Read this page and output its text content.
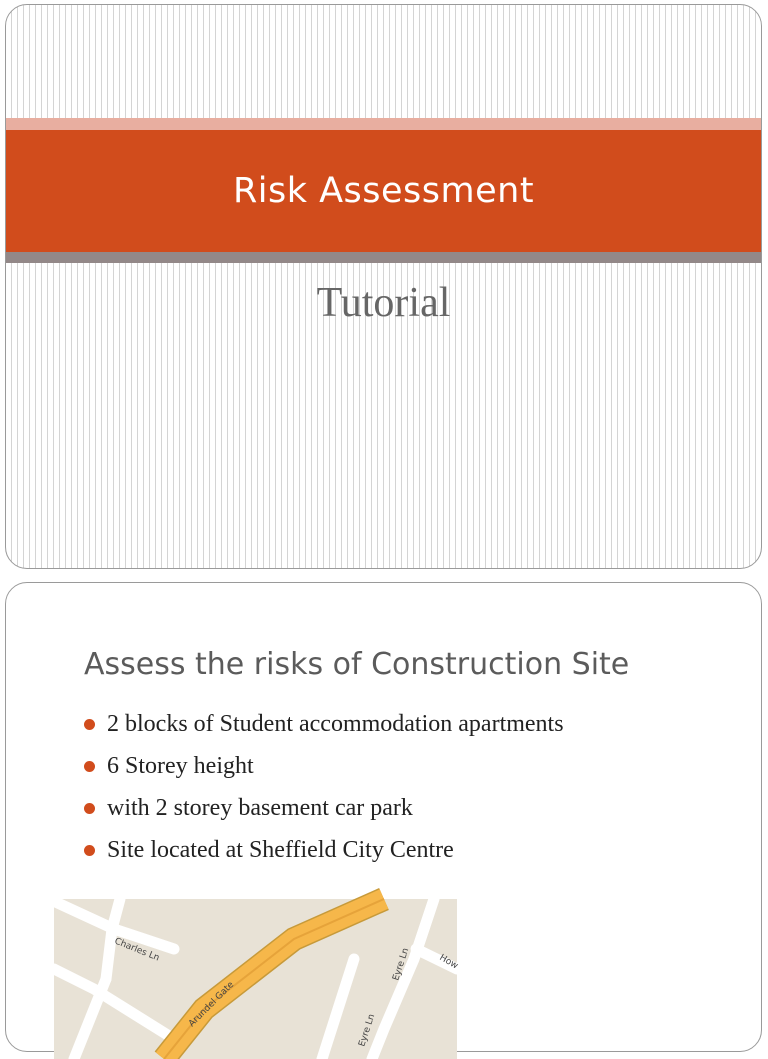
Risk Assessment
Tutorial
Assess the risks of Construction Site
2 blocks of Student accommodation apartments
6 Storey height
with 2 storey basement car park
Site located at Sheffield City Centre
Charles Ln
Arundel Gate
Eyre Ln
Eyre Ln
How
